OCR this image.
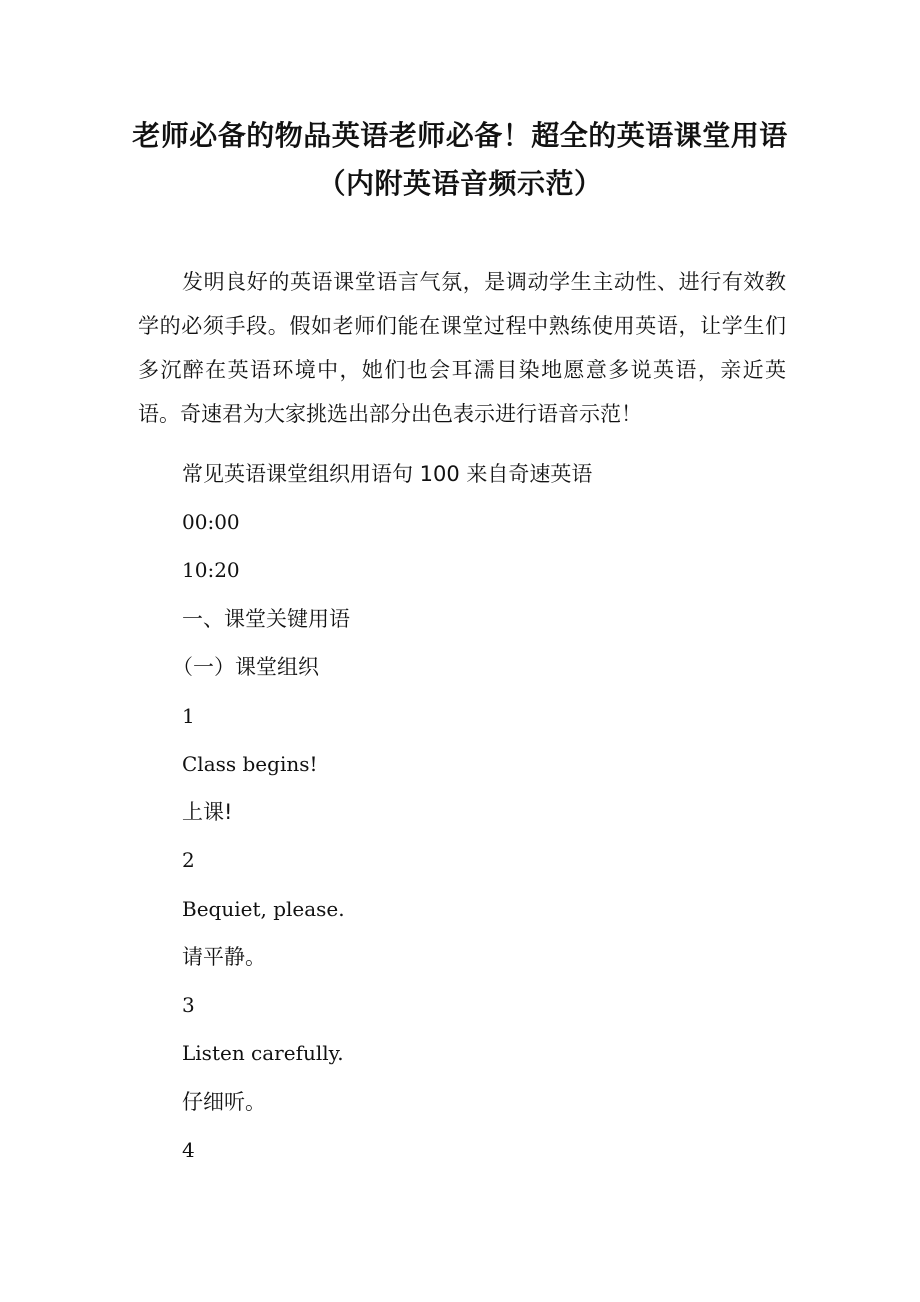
老师必备的物品英语老师必备！超全的英语课堂用语
（内附英语音频示范）

发明良好的英语课堂语言气氛，是调动学生主动性、进行有效教学的必须手段。假如老师们能在课堂过程中熟练使用英语，让学生们多沉醉在英语环境中，她们也会耳濡目染地愿意多说英语，亲近英语。奇速君为大家挑选出部分出色表示进行语音示范！

常见英语课堂组织用语句 100 来自奇速英语
00:00
10:20
一、课堂关键用语
（一）课堂组织
1
Class begins!
上课!
2
Bequiet, please.
请平静。
3
Listen carefully.
仔细听。
4
